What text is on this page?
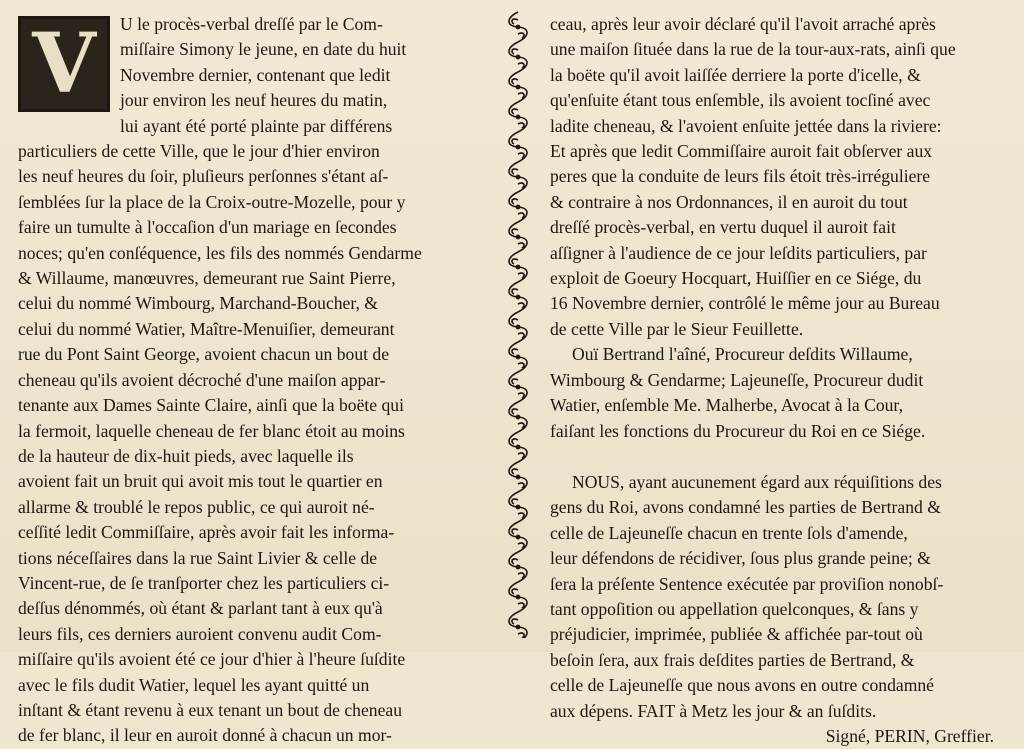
V	U le procès-verbal dreſſé par le Com-
miſſaire Simony le jeune, en date du huit
Novembre dernier, contenant que ledit
jour environ les neuf heures du matin,
lui ayant été porté plainte par différens
particuliers de cette Ville, que le jour d'hier environ
les neuf heures du ſoir, pluſieurs perſonnes s'étant aſ-
ſemblées ſur la place de la Croix-outre-Mozelle, pour y
faire un tumulte à l'occaſion d'un mariage en ſecondes
noces; qu'en conſéquence, les fils des nommés Gendarme
& Willaume, manœuvres, demeurant rue Saint Pierre,
celui du nommé Wimbourg, Marchand-Boucher, &
celui du nommé Watier, Maître-Menuiſier, demeurant
rue du Pont Saint George, avoient chacun un bout de
cheneau qu'ils avoient décroché d'une maiſon appar-
tenante aux Dames Sainte Claire, ainſi que la boëte qui
la fermoit, laquelle cheneau de fer blanc étoit au moins
de la hauteur de dix-huit pieds, avec laquelle ils
avoient fait un bruit qui avoit mis tout le quartier en
allarme & troublé le repos public, ce qui auroit né-
ceſſité ledit Commiſſaire, après avoir fait les informa-
tions néceſſaires dans la rue Saint Livier & celle de
Vincent-rue, de ſe tranſporter chez les particuliers ci-
deſſus dénommés, où étant & parlant tant à eux qu'à
leurs fils, ces derniers auroient convenu audit Com-
miſſaire qu'ils avoient été ce jour d'hier à l'heure ſuſdite
avec le fils dudit Watier, lequel les ayant quitté un
inſtant & étant revenu à eux tenant un bout de cheneau
de fer blanc, il leur en auroit donné à chacun un mor-
ceau, après leur avoir déclaré qu'il l'avoit arraché après
une maiſon ſituée dans la rue de la tour-aux-rats, ainſi que
la boëte qu'il avoit laiſſée derriere la porte d'icelle, &
qu'enſuite étant tous enſemble, ils avoient tocſiné avec
ladite cheneau, & l'avoient enſuite jettée dans la riviere:
Et après que ledit Commiſſaire auroit fait obſerver aux
peres que la conduite de leurs fils étoit très-irréguliere
& contraire à nos Ordonnances, il en auroit du tout
dreſſé procès-verbal, en vertu duquel il auroit fait
aſſigner à l'audience de ce jour leſdits particuliers, par
exploit de Goeury Hocquart, Huiſſier en ce Siége, du
16 Novembre dernier, contrôlé le même jour au Bureau
de cette Ville par le Sieur Feuillette.
Ouï Bertrand l'aîné, Procureur deſdits Willaume,
Wimbourg & Gendarme; Lajeuneſſe, Procureur dudit
Watier, enſemble Me. Malherbe, Avocat à la Cour,
faiſant les fonctions du Procureur du Roi en ce Siége.
NOUS, ayant aucunement égard aux réquiſitions des
gens du Roi, avons condamné les parties de Bertrand &
celle de Lajeuneſſe chacun en trente ſols d'amende,
leur défendons de récidiver, ſous plus grande peine; &
ſera la préſente Sentence exécutée par proviſion nonobſ-
tant oppoſition ou appellation quelconques, & ſans y
préjudicier, imprimée, publiée & affichée par-tout où
beſoin ſera, aux frais deſdites parties de Bertrand, &
celle de Lajeuneſſe que nous avons en outre condamné
aux dépens. FAIT à Metz les jour & an ſuſdits.
Signé, PERIN, Greffier.
